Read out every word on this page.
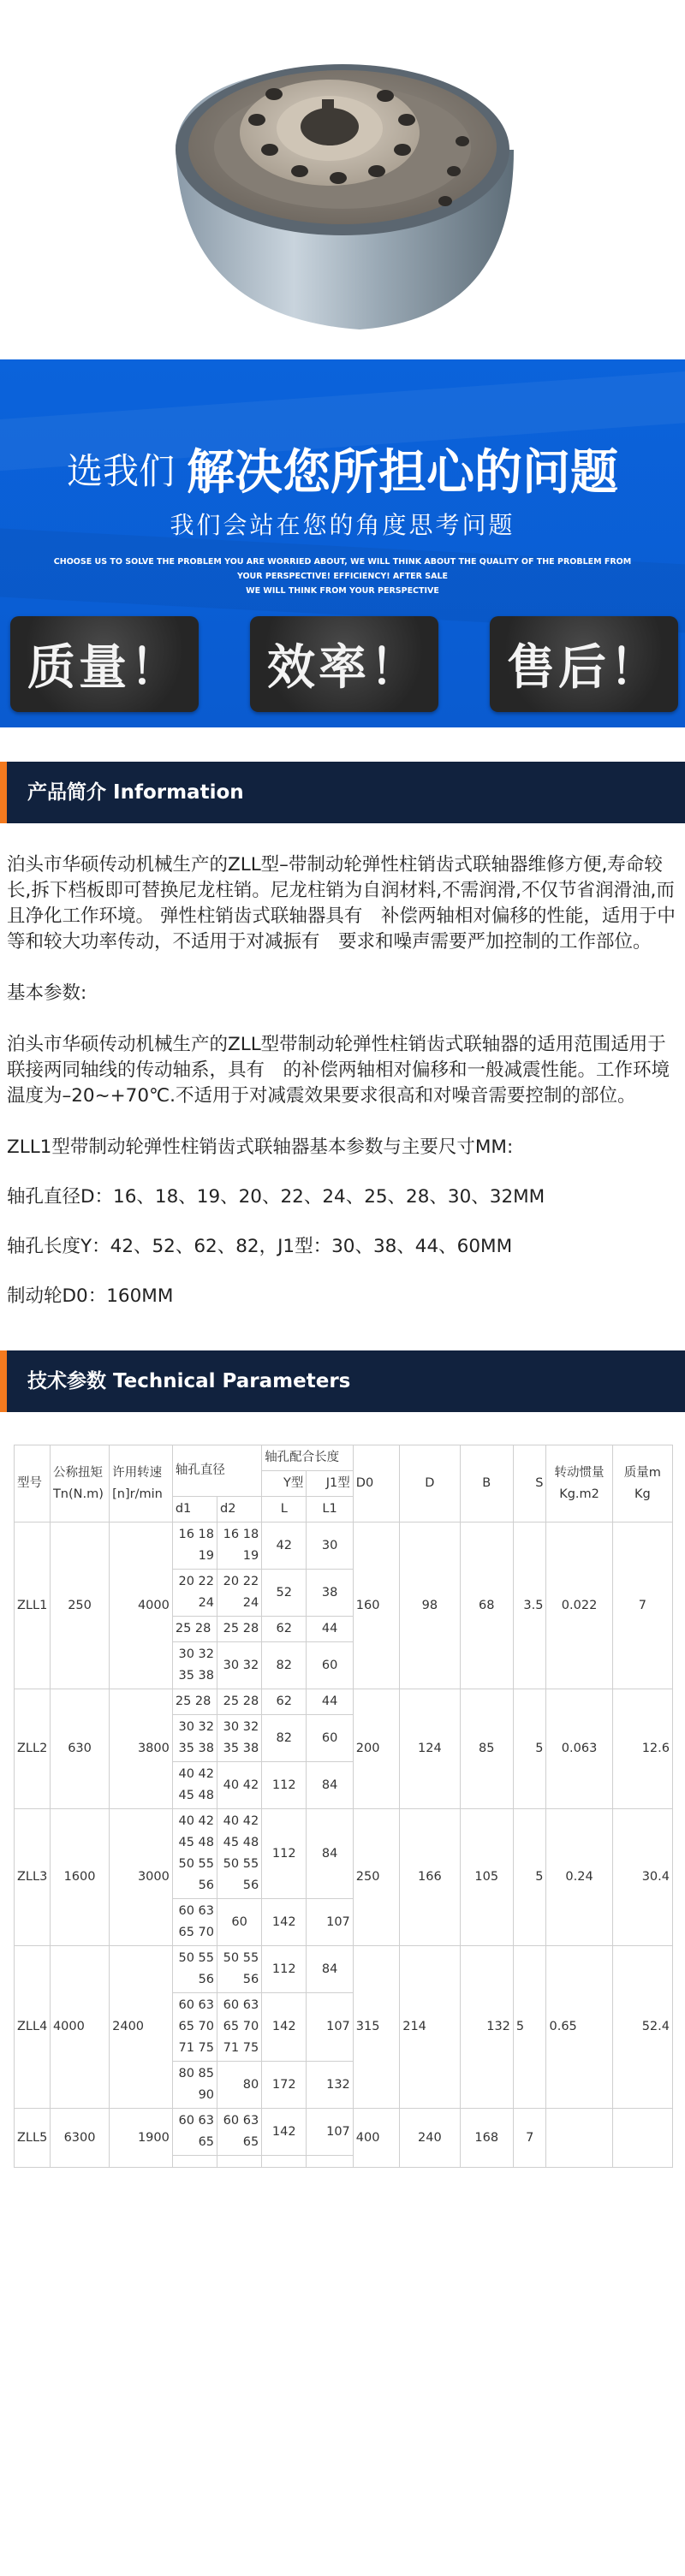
选我们 解决您所担心的问题
我们会站在您的角度思考问题
CHOOSE US TO SOLVE THE PROBLEM YOU ARE WORRIED ABOUT, WE WILL THINK ABOUT THE QUALITY OF THE PROBLEM FROM YOUR PERSPECTIVE! EFFICIENCY! AFTER SALE
WE WILL THINK FROM YOUR PERSPECTIVE
质量！ 效率！ 售后！
产品简介 Information

泊头市华硕传动机械生产的ZLL型–带制动轮弹性柱销齿式联轴器维修方便,寿命较长,拆下档板即可替换尼龙柱销。尼龙柱销为自润材料,不需润滑,不仅节省润滑油,而且净化工作环境。 弹性柱销齿式联轴器具有　补偿两轴相对偏移的性能，适用于中等和较大功率传动，不适用于对减振有　要求和噪声需要严加控制的工作部位。

基本参数:

泊头市华硕传动机械生产的ZLL型带制动轮弹性柱销齿式联轴器的适用范围适用于联接两同轴线的传动轴系，具有　的补偿两轴相对偏移和一般减震性能。工作环境温度为–20~+70℃.不适用于对减震效果要求很高和对噪音需要控制的部位。

ZLL1型带制动轮弹性柱销齿式联轴器基本参数与主要尺寸MM:

轴孔直径D：16、18、19、20、22、24、25、28、30、32MM

轴孔长度Y：42、52、62、82，J1型：30、38、44、60MM

制动轮D0：160MM

技术参数 Technical Parameters
型号	公称扭矩Tn(N.m)	许用转速[n]r/min	轴孔直径		轴孔配合长度		D0	D	B	S	转动惯量Kg.m2	质量m Kg
					Y型	J1型						
			d1	d2	L	L1						
ZLL1	250	4000	16 18 19	16 18 19	42	30	160	98	68	3.5	0.022	7
			20 22 24	20 22 24	52	38						
			25 28	25 28	62	44						
			30 32 35 38	30 32	82	60						
ZLL2	630	3800	25 28	25 28	62	44	200	124	85	5	0.063	12.6
			30 32 35 38	30 32 35 38	82	60						
			40 42 45 48	40 42	112	84						
ZLL3	1600	3000	40 42 45 48 50 55 56	40 42 45 48 50 55 56	112	84	250	166	105	5	0.24	30.4
			60 63 65 70	60	142	107						
ZLL4	4000	2400	50 55 56	50 55 56	112	84	315	214	132	5	0.65	52.4
			60 63 65 70 71 75	60 63 65 70 71 75	142	107						
			80 85 90	80	172	132						
ZLL5	6300	1900	60 63 65	60 63 65	142	107	400	240	168	7		
